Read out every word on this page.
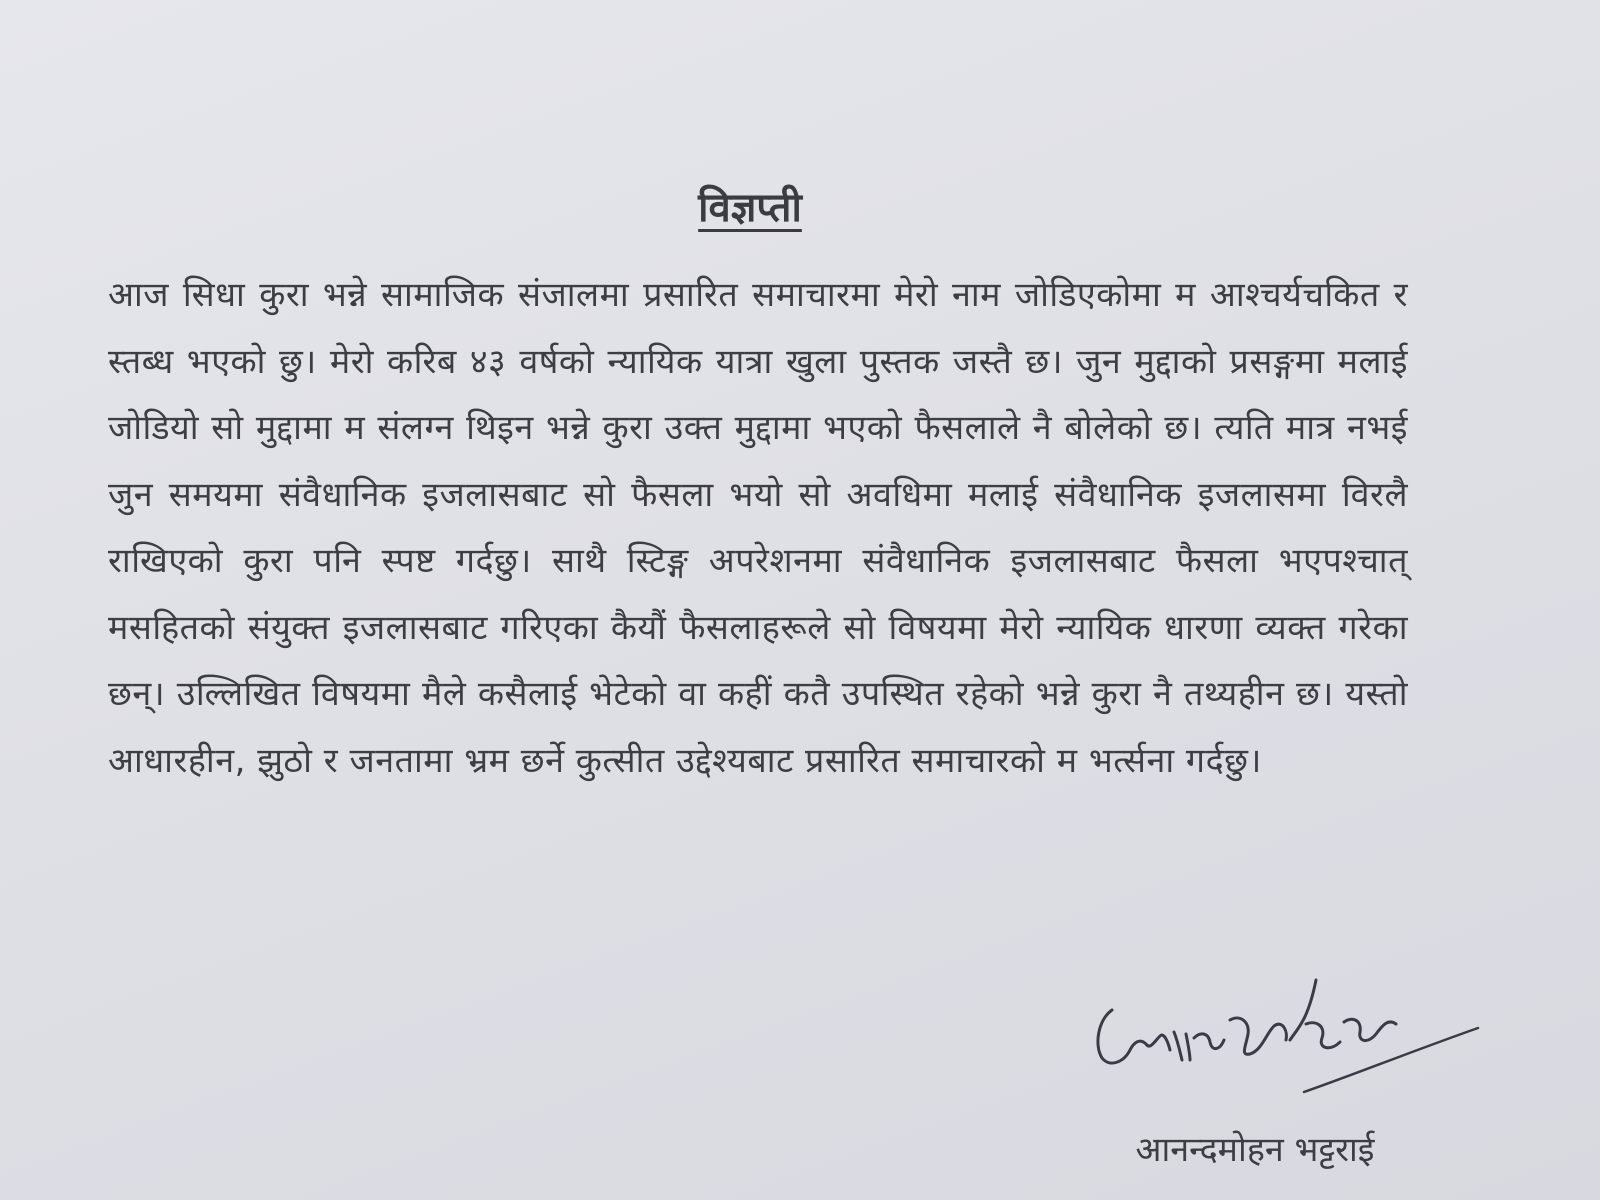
विज्ञप्ती
आज सिधा कुरा भन्ने सामाजिक संजालमा प्रसारित समाचारमा मेरो नाम जोडिएकोमा म आश्चर्यचकित र स्तब्ध भएको छु। मेरो करिब ४३ वर्षको न्यायिक यात्रा खुला पुस्तक जस्तै छ। जुन मुद्दाको प्रसङ्गमा मलाई जोडियो सो मुद्दामा म संलग्न थिइन भन्ने कुरा उक्त मुद्दामा भएको फैसलाले नै बोलेको छ। त्यति मात्र नभई जुन समयमा संवैधानिक इजलासबाट सो फैसला भयो सो अवधिमा मलाई संवैधानिक इजलासमा विरलै राखिएको कुरा पनि स्पष्ट गर्दछु। साथै स्टिङ्ग अपरेशनमा संवैधानिक इजलासबाट फैसला भएपश्चात् मसहितको संयुक्त इजलासबाट गरिएका कैयौं फैसलाहरूले सो विषयमा मेरो न्यायिक धारणा व्यक्त गरेका छन्। उल्लिखित विषयमा मैले कसैलाई भेटेको वा कहीं कतै उपस्थित रहेको भन्ने कुरा नै तथ्यहीन छ। यस्तो आधारहीन, झुठो र जनतामा भ्रम छर्ने कुत्सीत उद्देश्यबाट प्रसारित समाचारको म भर्त्सना गर्दछु।
आनन्दमोहन भट्टराई
